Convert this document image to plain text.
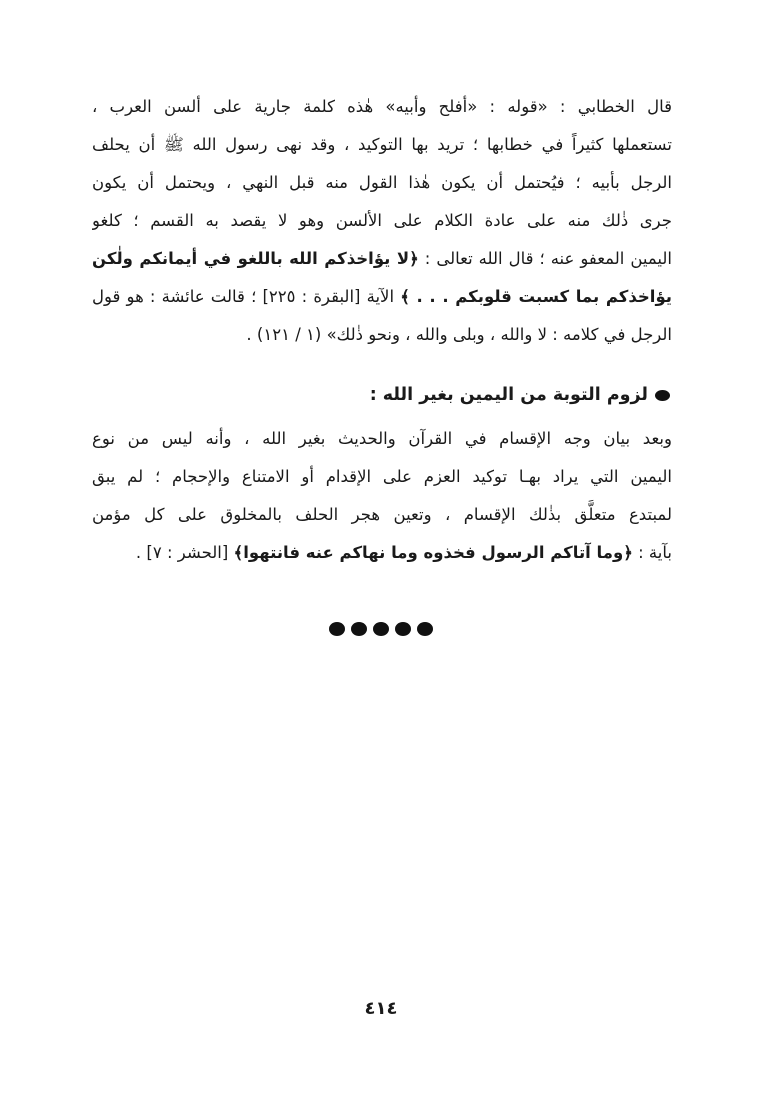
قال الخطابي : «قوله : «أفلح وأبيه» هٰذه كلمة جارية على ألسن العرب ،
تستعملها كثيراً في خطابها ؛ تريد بها التوكيد ، وقد نهى رسول الله ﷺ أن يحلف
الرجل بأبيه ؛ فيُحتمل أن يكون هٰذا القول منه قبل النهي ، ويحتمل أن يكون
جرى ذٰلك منه على عادة الكلام على الألسن وهو لا يقصد به القسم ؛ كلغو
اليمين المعفو عنه ؛ قال الله تعالى : ﴿لا يؤاخذكم الله باللغو في أيمانكم ولٰكن
يؤاخذكم بما كسبت قلوبكم . . . ﴾ الآية [البقرة : ٢٢٥] ؛ قالت عائشة : هو قول
الرجل في كلامه : لا والله ، وبلى والله ، ونحو ذٰلك» (١ / ١٢١) .
لزوم التوبة من اليمين بغير الله :
وبعد بيان وجه الإقسام في القرآن والحديث بغير الله ، وأنه ليس من نوع
اليمين التي يراد بهـا توكيد العزم على الإقدام أو الامتناع والإحجام ؛ لم يبق
لمبتدع متعلَّق بذٰلك الإقسام ، وتعين هجر الحلف بالمخلوق على كل مؤمن
بآية : ﴿وما آتاكم الرسول فخذوه وما نهاكم عنه فانتهوا﴾ [الحشر : ٧] .
٤١٤
